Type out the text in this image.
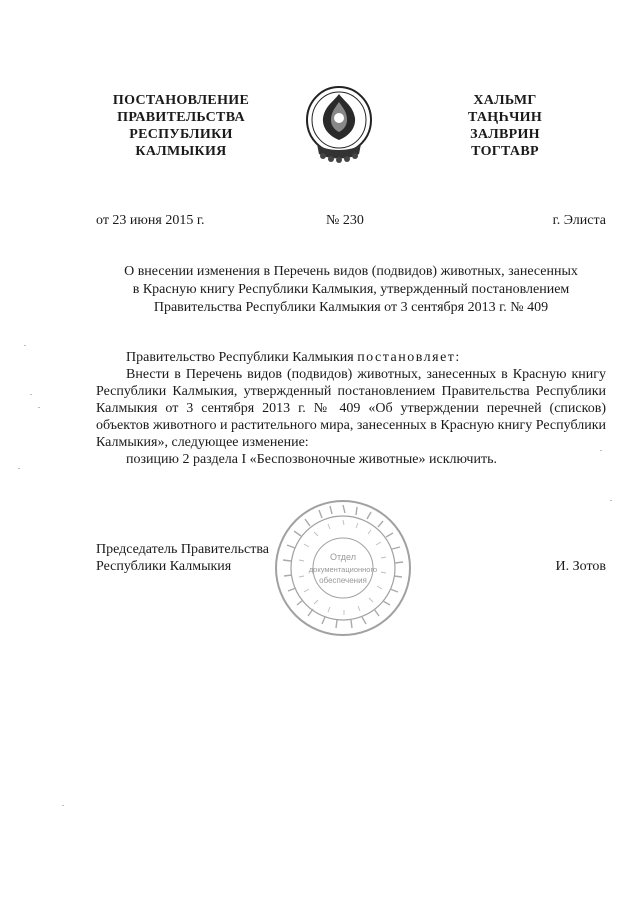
ПОСТАНОВЛЕНИЕ
ПРАВИТЕЛЬСТВА
РЕСПУБЛИКИ
КАЛМЫКИЯ
ХАЛЬМГ
ТАҢҺЧИН
ЗАЛВРИН
ТОГТАВР
от 23 июня 2015 г.	№ 230	г. Элиста
О внесении изменения в Перечень видов (подвидов) животных, занесенных
в Красную книгу Республики Калмыкия, утвержденный постановлением
Правительства Республики Калмыкия от 3 сентября 2013 г. № 409

Правительство Республики Калмыкия постановляет:

Внести в Перечень видов (подвидов) животных, занесенных в Красную книгу Республики Калмыкия, утвержденный постановлением Правительства Республики Калмыкия от 3 сентября 2013 г. № 409 «Об утверждении перечней (списков) объектов животного и растительного мира, занесенных в Красную книгу Республики Калмыкия», следующее изменение:

позицию 2 раздела I «Беспозвоночные животные» исключить.

Председатель Правительства
Республики Калмыкия	И. Зотов
Отдел
документационного
обеспечения
